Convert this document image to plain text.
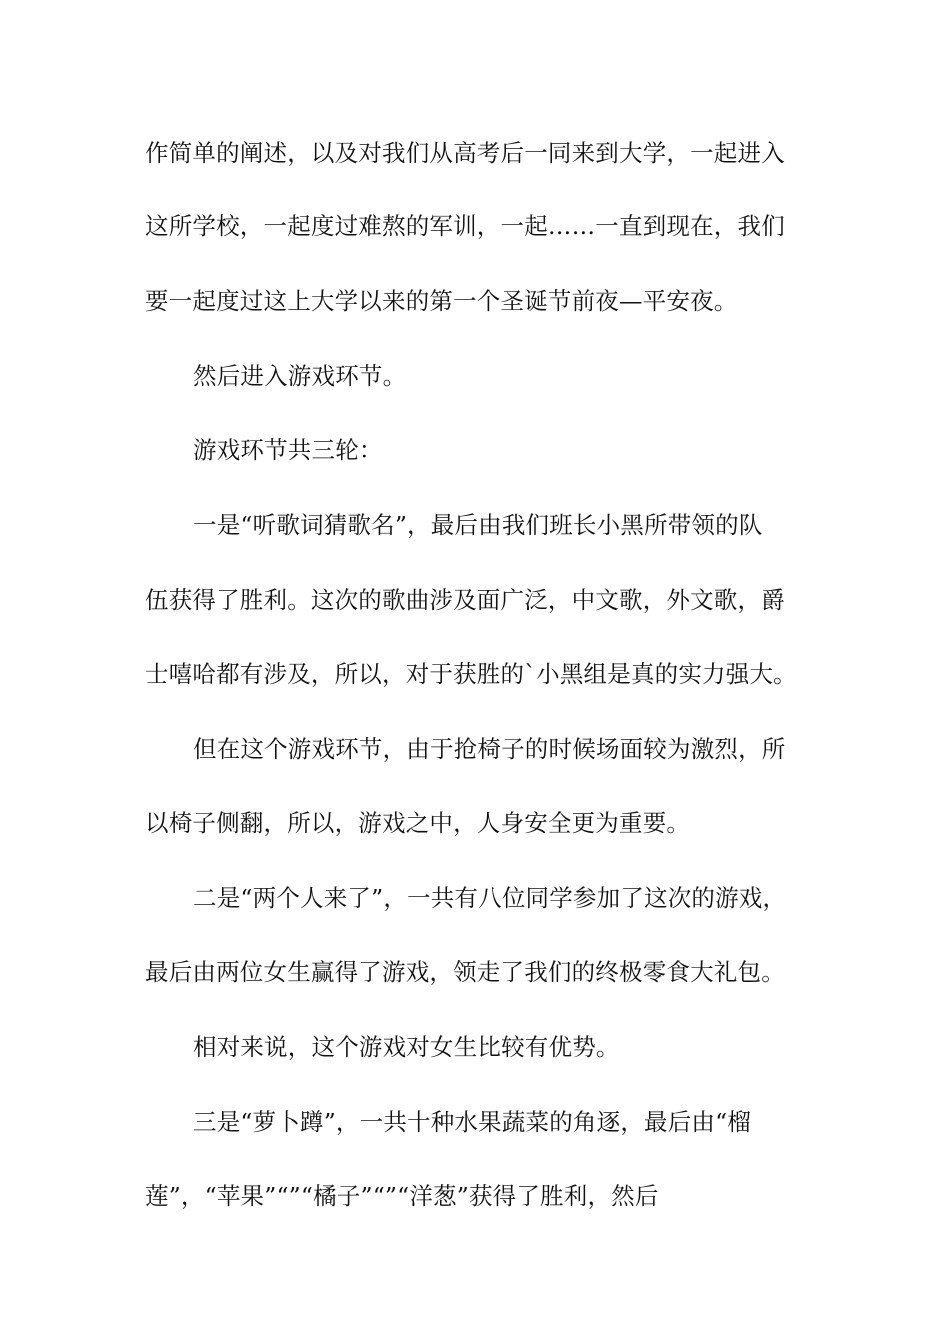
作简单的阐述，以及对我们从高考后一同来到大学，一起进入
这所学校，一起度过难熬的军训，一起……一直到现在，我们
要一起度过这上大学以来的第一个圣诞节前夜—平安夜。
然后进入游戏环节。
游戏环节共三轮：
一是“听歌词猜歌名”，最后由我们班长小黑所带领的队
伍获得了胜利。这次的歌曲涉及面广泛，中文歌，外文歌，爵
士嘻哈都有涉及，所以，对于获胜的`小黑组是真的实力强大。
但在这个游戏环节，由于抢椅子的时候场面较为激烈，所
以椅子侧翻，所以，游戏之中，人身安全更为重要。
二是“两个人来了”，一共有八位同学参加了这次的游戏，
最后由两位女生赢得了游戏，领走了我们的终极零食大礼包。
相对来说，这个游戏对女生比较有优势。
三是“萝卜蹲”，一共十种水果蔬菜的角逐，最后由“榴
莲”，“苹果”“”“橘子”“”“洋葱”获得了胜利，然后
